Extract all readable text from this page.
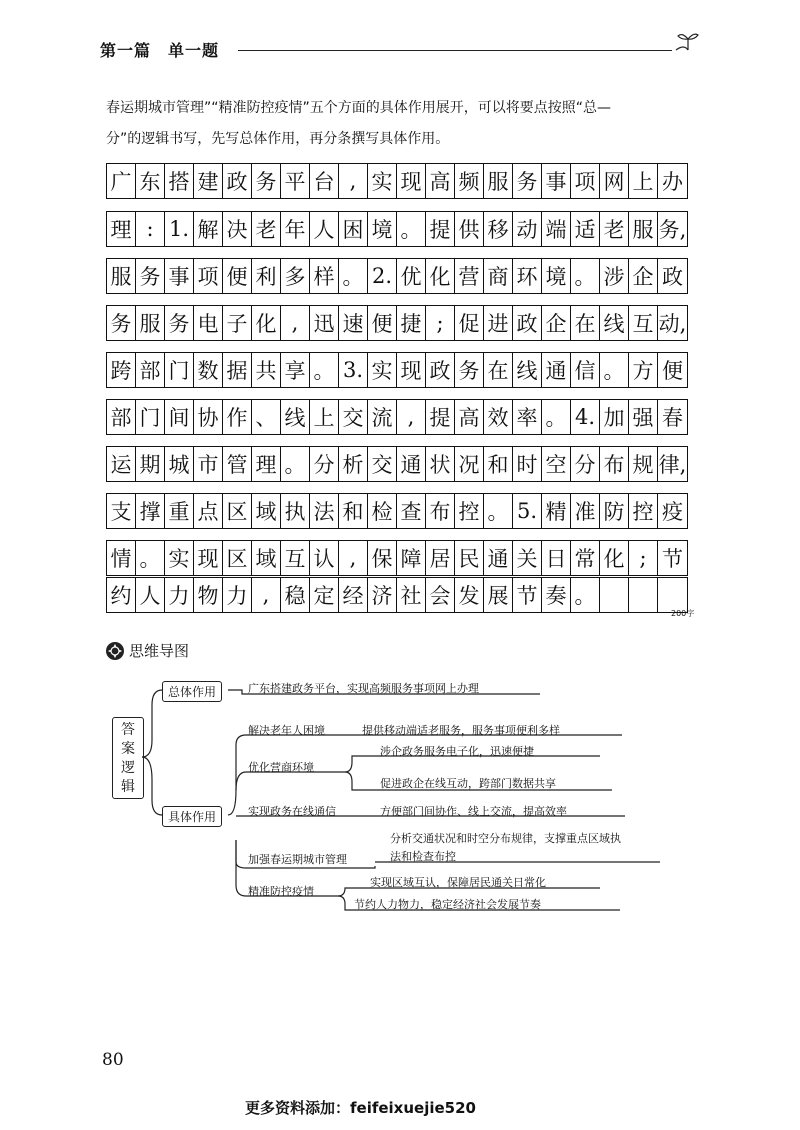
第一篇　单一题
春运期城市管理”“精准防控疫情”五个方面的具体作用展开，可以将要点按照“总—
分”的逻辑书写，先写总体作用，再分条撰写具体作用。
广 东 搭 建 政 务 平 台 , 实 现 高 频 服 务 事 项 网 上 办
理 : 1. 解 决 老 年 人 困 境 。 提 供 移 动 端 适 老 服 务,
服 务 事 项 便 利 多 样 。 2. 优 化 营 商 环 境 。 涉 企 政
务 服 务 电 子 化 , 迅 速 便 捷 ; 促 进 政 企 在 线 互 动,
跨 部 门 数 据 共 享 。 3. 实 现 政 务 在 线 通 信 。 方 便
部 门 间 协 作 、 线 上 交 流 , 提 高 效 率 。 4. 加 强 春
运 期 城 市 管 理 。 分 析 交 通 状 况 和 时 空 分 布 规 律,
支 撑 重 点 区 域 执 法 和 检 查 布 控 。 5. 精 准 防 控 疫
情 。 实 现 区 域 互 认 , 保 障 居 民 通 关 日 常 化 ; 节
约 人 力 物 力 , 稳 定 经 济 社 会 发 展 节 奏 。
200字
思维导图
答
案
逻
辑
总体作用	广东搭建政务平台，实现高频服务事项网上办理
具体作用
解决老年人困境	提供移动端适老服务，服务事项便利多样
优化营商环境
涉企政务服务电子化，迅速便捷
促进政企在线互动，跨部门数据共享
实现政务在线通信	方便部门间协作、线上交流，提高效率
加强春运期城市管理
分析交通状况和时空分布规律，支撑重点区域执
法和检查布控
精准防控疫情
实现区域互认，保障居民通关日常化
节约人力物力，稳定经济社会发展节奏
80
更多资料添加：feifeixuejie520
